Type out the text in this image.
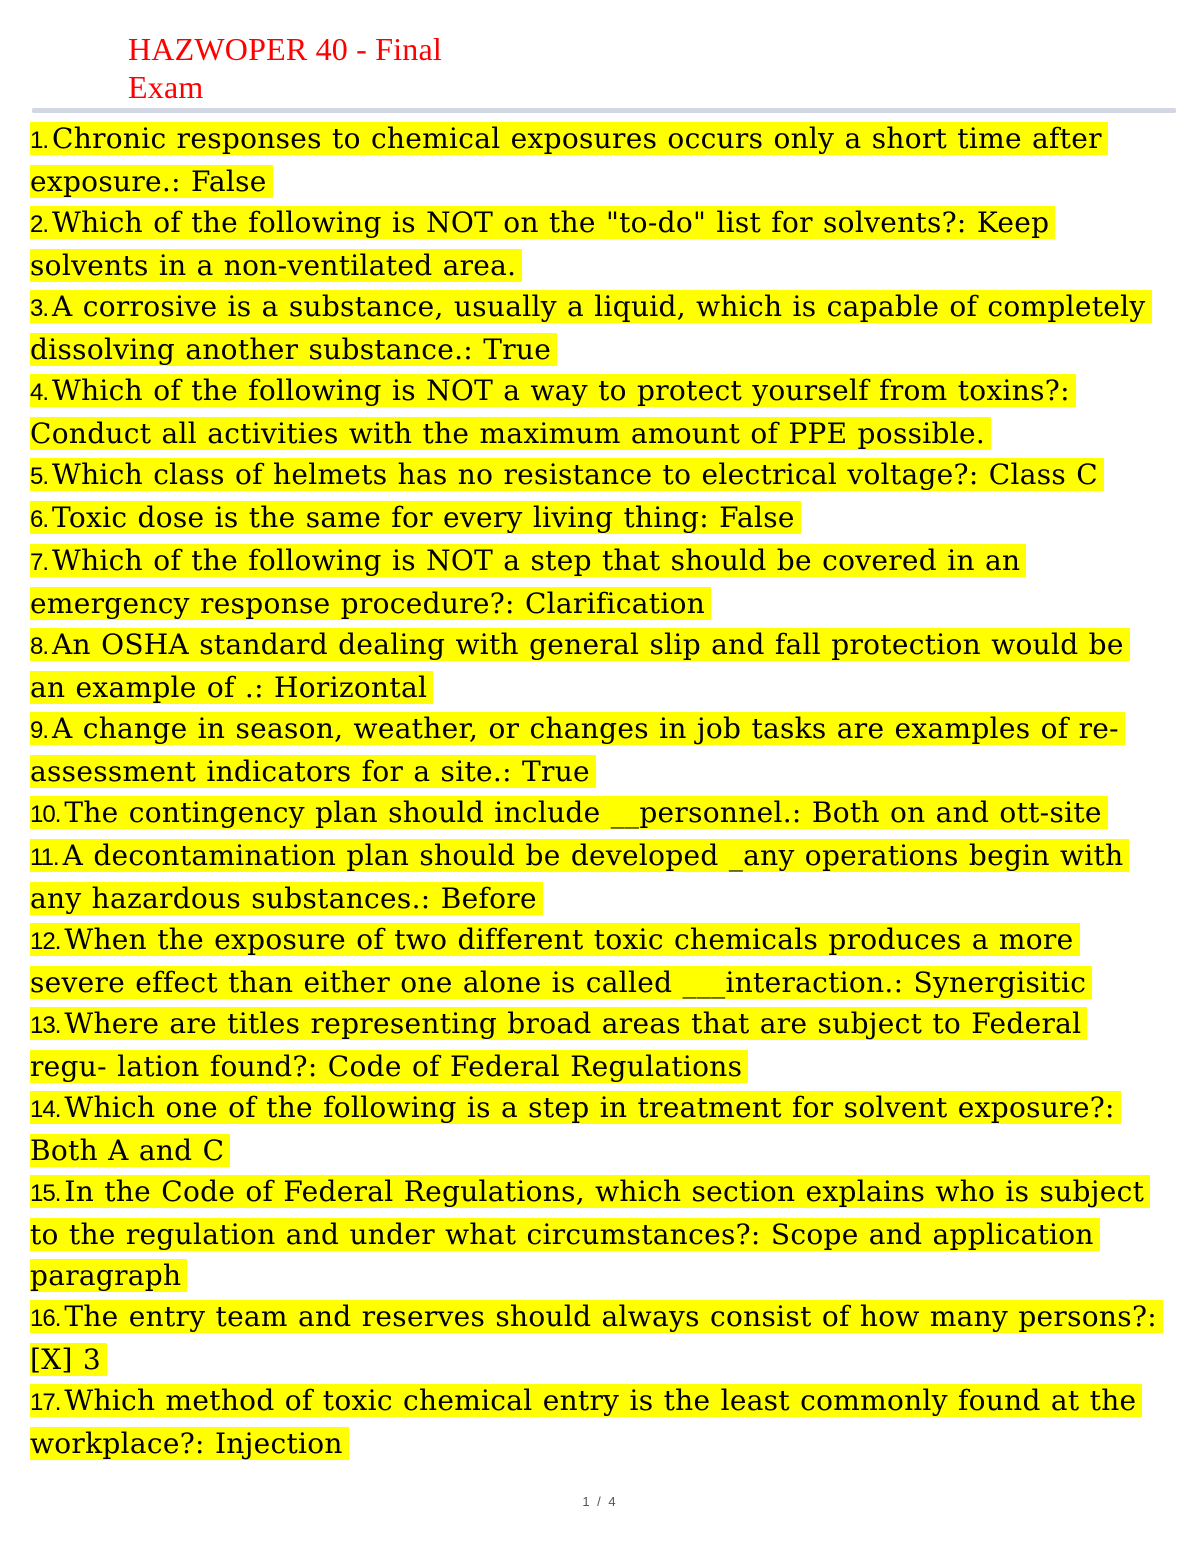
HAZWOPER 40 - Final
Exam
1. Chronic responses to chemical exposures occurs only a short time after exposure.: False
2. Which of the following is NOT on the "to-do" list for solvents?: Keep solvents in a non-ventilated area.
3. A corrosive is a substance, usually a liquid, which is capable of completely dissolving another substance.: True
4. Which of the following is NOT a way to protect yourself from toxins?: Conduct all activities with the maximum amount of PPE possible.
5. Which class of helmets has no resistance to electrical voltage?: Class C
6. Toxic dose is the same for every living thing: False
7. Which of the following is NOT a step that should be covered in an emergency response procedure?: Clarification
8. An OSHA standard dealing with general slip and fall protection would be an example of .: Horizontal
9. A change in season, weather, or changes in job tasks are examples of re- assessment indicators for a site.: True
10. The contingency plan should include __personnel.: Both on and ott-site
11. A decontamination plan should be developed _any operations begin with any hazardous substances.: Before
12. When the exposure of two different toxic chemicals produces a more severe effect than either one alone is called ___interaction.: Synergisitic
13. Where are titles representing broad areas that are subject to Federal regu- lation found?: Code of Federal Regulations
14. Which one of the following is a step in treatment for solvent exposure?: Both A and C
15. In the Code of Federal Regulations, which section explains who is subject to the regulation and under what circumstances?: Scope and application paragraph
16. The entry team and reserves should always consist of how many persons?: [X] 3
17. Which method of toxic chemical entry is the least commonly found at the workplace?: Injection
1 / 4
